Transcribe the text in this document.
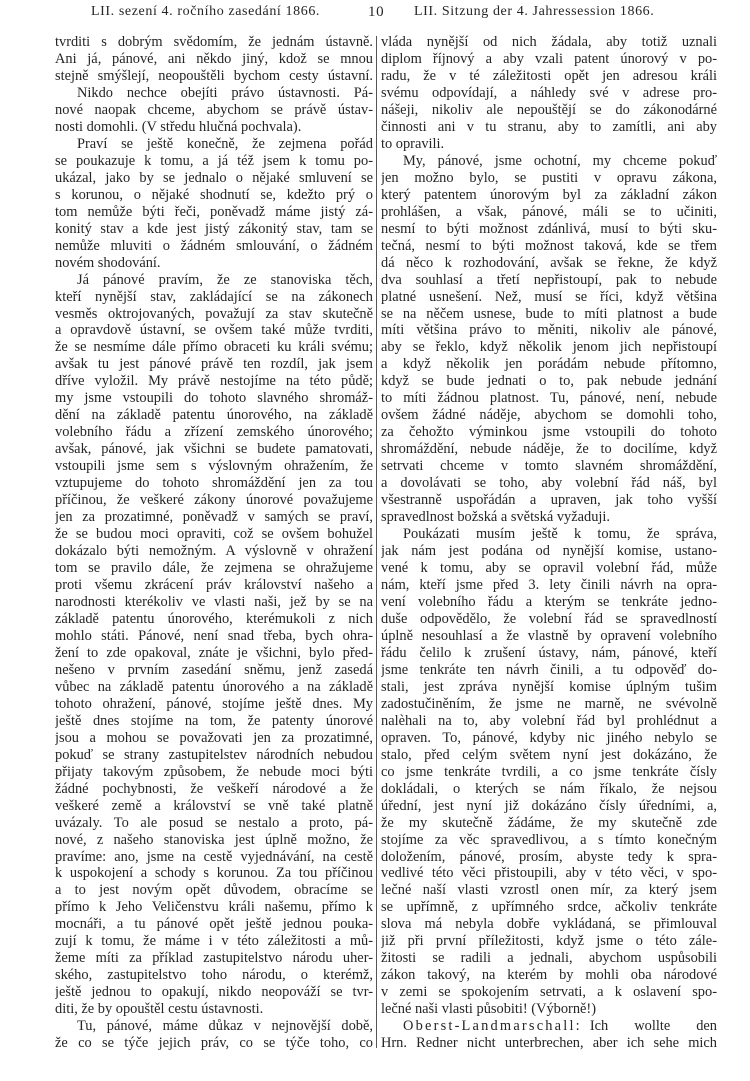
LII. sezení 4. ročního zasedání 1866.	10 LII. Sitzung der 4. Jahressession 1866.
tvrditi s dobrým svědomím, že jednám ústavně.
Ani já, pánové, ani někdo jiný, kdož se mnou
stejně smýšlejí, neopouštěli bychom cesty ústavní.
Nikdo nechce obejíti právo ústavnosti. Pá-
nové naopak chceme, abychom se právě ústav-
nosti domohli. (V středu hlučná pochvala).
Praví se ještě konečně, že zejmena pořád
se poukazuje k tomu, a já též jsem k tomu po-
ukázal, jako by se jednalo o nějaké smluvení se
s korunou, o nějaké shodnutí se, kdežto prý o
tom nemůže býti řeči, poněvadž máme jistý zá-
konitý stav a kde jest jistý zákonitý stav, tam se
nemůže mluviti o žádném smlouvání, o žádném
novém shodování.
Já pánové pravím, že ze stanoviska těch,
kteří nynější stav, zakládající se na zákonech
vesměs oktrojovaných, považují za stav skutečně
a opravdově ústavní, se ovšem také může tvrditi,
že se nesmíme dále přímo obraceti ku králi svému;
avšak tu jest pánové právě ten rozdíl, jak jsem
dříve vyložil. My právě nestojíme na této půdě;
my jsme vstoupili do tohoto slavného shromáž-
dění na základě patentu únorového, na základě
volebního řádu a zřízení zemského únorového;
avšak, pánové, jak všichni se budete pamatovati,
vstoupili jsme sem s výslovným ohražením, že
vztupujeme do tohoto shromáždění jen za tou
příčinou, že veškeré zákony únorové považujeme
jen za prozatimné, poněvadž v samých se praví,
že se budou moci opraviti, což se ovšem bohužel
dokázalo býti nemožným. A výslovně v ohražení
tom se pravilo dále, že zejmena se ohražujeme
proti všemu zkrácení práv království našeho a
narodnosti kterékoliv ve vlasti naši, jež by se na
základě patentu únorového, kterémukoli z nich
mohlo státi. Pánové, není snad třeba, bych ohra-
žení to zde opakoval, znáte je všichni, bylo před-
nešeno v prvním zasedání sněmu, jenž zasedá
vůbec na základě patentu únorového a na základě
tohoto ohražení, pánové, stojíme ještě dnes. My
ještě dnes stojíme na tom, že patenty únorové
jsou a mohou se považovati jen za prozatimné,
pokuď se strany zastupitelstev národních nebudou
přijaty takovým způsobem, že nebude moci býti
žádné pochybnosti, že veškeří národové a že
veškeré země a království se vně také platně
uvázaly. To ale posud se nestalo a proto, pá-
nové, z našeho stanoviska jest úplně možno, že
pravíme: ano, jsme na cestě vyjednávání, na cestě
k uspokojení a schody s korunou. Za tou příčinou
a to jest novým opět důvodem, obracíme se
přímo k Jeho Veličenstvu králi našemu, přímo k
mocnáři, a tu pánové opět ještě jednou pouka-
zují k tomu, že máme i v této záležitosti a mů-
žeme míti za příklad zastupitelstvo národu uher-
ského, zastupitelstvo toho národu, o kterémž,
ještě jednou to opakují, nikdo neopováží se tvr-
diti, že by opouštěl cestu ústavnosti.
Tu, pánové, máme důkaz v nejnovější době,
že co se týče jejich práv, co se týče toho, co
vláda nynější od nich žádala, aby totiž uznali
diplom říjnový a aby vzali patent únorový v po-
radu, že v té záležitosti opět jen adresou králi
svému odpovídají, a náhledy své v adrese pro-
nášeji, nikoliv ale nepouštějí se do zákonodárné
činnosti ani v tu stranu, aby to zamítli, ani aby
to opravili.
My, pánové, jsme ochotní, my chceme pokuď
jen možno bylo, se pustiti v opravu zákona,
který patentem únorovým byl za základní zákon
prohlášen, a však, pánové, máli se to učiniti,
nesmí to býti možnost zdánlivá, musí to býti sku-
tečná, nesmí to býti možnost taková, kde se třem
dá něco k rozhodování, avšak se řekne, že když
dva souhlasí a třetí nepřistoupí, pak to nebude
platné usnešení. Než, musí se říci, když většina
se na něčem usnese, bude to míti platnost a bude
míti většina právo to měniti, nikoliv ale pánové,
aby se řeklo, když několik jenom jich nepřistoupí
a když několik jen porádám nebude přítomno,
když se bude jednati o to, pak nebude jednání
to míti žádnou platnost. Tu, pánové, není, nebude
ovšem žádné náděje, abychom se domohli toho,
za čehožto výminkou jsme vstoupili do tohoto
shromáždění, nebude náděje, že to docilíme, když
setrvati chceme v tomto slavném shromáždění,
a dovolávati se toho, aby volební řád náš, byl
všestranně uspořádán a upraven, jak toho vyšší
spravedlnost božská a světská vyžaduji.
Poukázati musím ještě k tomu, že správa,
jak nám jest podána od nynější komise, ustano-
vené k tomu, aby se opravil volební řád, může
nám, kteří jsme před 3. lety činili návrh na opra-
vení volebního řádu a kterým se tenkráte jedno-
duše odpovědělo, že volební řád se spravedlností
úplně nesouhlasí a že vlastně by opravení volebního
řádu čelilo k zrušení ústavy, nám, pánové, kteří
jsme tenkráte ten návrh činili, a tu odpověď do-
stali, jest zpráva nynější komise úplným tušim
zadostučiněním, že jsme ne marně, ne svévolně
nalèhali na to, aby volební řád byl prohlédnut a
opraven. To, pánové, kdyby nic jiného nebylo se
stalo, před celým světem nyní jest dokázáno, že
co jsme tenkráte tvrdili, a co jsme tenkráte čísly
dokládali, o kterých se nám říkalo, že nejsou
úřední, jest nyní již dokázáno čísly úředními, a,
že my skutečně žádáme, že my skutečně zde
stojíme za věc spravedlivou, a s tímto konečným
doložením, pánové, prosím, abyste tedy k spra-
vedlivé této věci přistoupili, aby v této věci, v spo-
lečné naší vlasti vzrostl onen mír, za který jsem
se upřímně, z upřímného srdce, ačkoliv tenkráte
slova má nebyla dobře vykládaná, se přimlouval
již při první příležitosti, když jsme o této zále-
žitosti se radili a jednali, abychom uspůsobili
zákon takový, na kterém by mohli oba národové
v zemi se spokojením setrvati, a k oslavení spo-
lečné naši vlasti působiti! (Výborně!)
Oberst-Landmarschall: Ich wollte den
Hrn. Redner nicht unterbrechen, aber ich sehe mich
